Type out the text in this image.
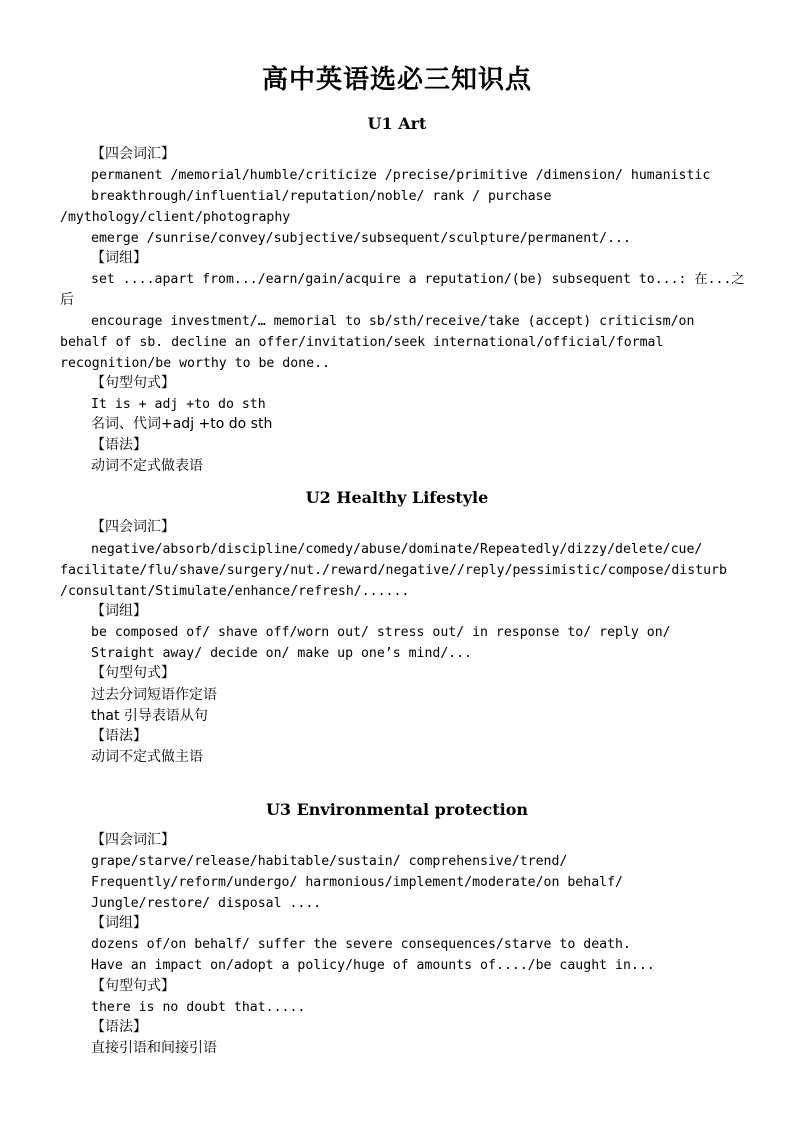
高中英语选必三知识点
U1 Art
【四会词汇】
permanent /memorial/humble/criticize /precise/primitive /dimension/ humanistic
breakthrough/influential/reputation/noble/ rank / purchase
/mythology/client/photography
emerge /sunrise/convey/subjective/subsequent/sculpture/permanent/...
【词组】
set ....apart from.../earn/gain/acquire a reputation/(be) subsequent to...: 在...之
后
encourage investment/… memorial to sb/sth/receive/take (accept) criticism/on
behalf of sb. decline an offer/invitation/seek international/official/formal
recognition/be worthy to be done..
【句型句式】
It is + adj +to do sth
名词、代词+adj +to do sth
【语法】
动词不定式做表语
U2 Healthy Lifestyle
【四会词汇】
negative/absorb/discipline/comedy/abuse/dominate/Repeatedly/dizzy/delete/cue/
facilitate/flu/shave/surgery/nut./reward/negative//reply/pessimistic/compose/disturb
/consultant/Stimulate/enhance/refresh/......
【词组】
be composed of/ shave off/worn out/ stress out/ in response to/ reply on/
Straight away/ decide on/ make up one’s mind/...
【句型句式】
过去分词短语作定语
that 引导表语从句
【语法】
动词不定式做主语
U3 Environmental protection
【四会词汇】
grape/starve/release/habitable/sustain/ comprehensive/trend/
Frequently/reform/undergo/ harmonious/implement/moderate/on behalf/
Jungle/restore/ disposal ....
【词组】
dozens of/on behalf/ suffer the severe consequences/starve to death.
Have an impact on/adopt a policy/huge of amounts of..../be caught in...
【句型句式】
there is no doubt that.....
【语法】
直接引语和间接引语
